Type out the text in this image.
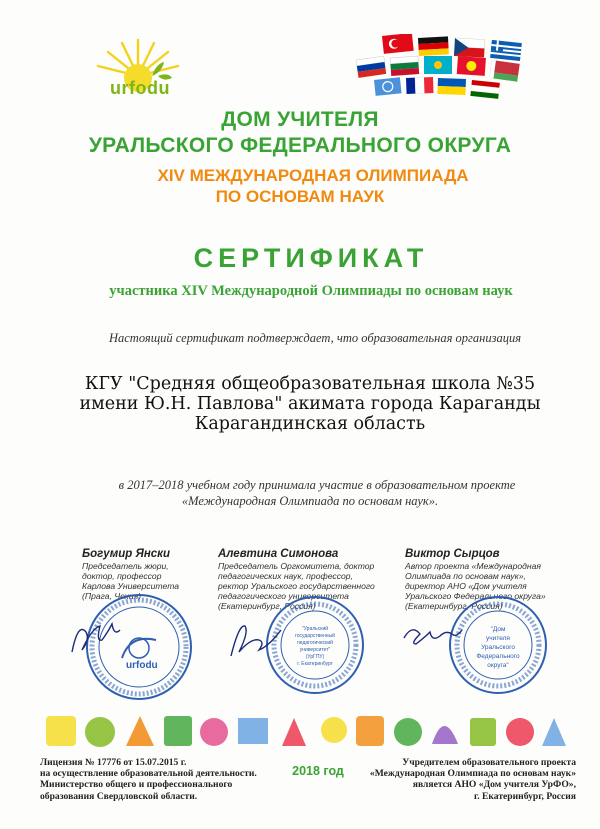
urfodu
ДОМ УЧИТЕЛЯ
УРАЛЬСКОГО ФЕДЕРАЛЬНОГО ОКРУГА
XIV МЕЖДУНАРОДНАЯ ОЛИМПИАДА
ПО ОСНОВАМ НАУК
СЕРТИФИКАТ
участника XIV Международной Олимпиады по основам наук
Настоящий сертификат подтверждает, что образовательная организация
КГУ "Средняя общеобразовательная школа №35
имени Ю.Н. Павлова" акимата города Караганды
Карагандинская область
в 2017–2018 учебном году принимала участие в образовательном проекте
«Международная Олимпиада по основам наук».
Богумир Янски
Председатель жюри,
доктор, профессор
Карлова Университета
(Прага, Чехия)
Алевтина Симонова
Председатель Оргкомитета, доктор
педагогических наук, профессор,
ректор Уральского государственного
педагогического университета
(Екатеринбург, Россия)
Виктор Сырцов
Автор проекта «Международная
Олимпиада по основам наук»,
директор АНО «Дом учителя
Уральского Федерального округа»
(Екатеринбург, Россия)
urfodu
"Уральский
государственный
педагогический
университет"
(УрГПУ)
г. Екатеринбург
"Дом
учителя
Уральского
Федерального
округа"
Лицензия № 17776 от 15.07.2015 г.
на осуществление образовательной деятельности.
Министерство общего и профессионального
образования Свердловской области.
2018 год
Учредителем образовательного проекта
«Международная Олимпиада по основам наук»
является АНО «Дом учителя УрФО»,
г. Екатеринбург, Россия
